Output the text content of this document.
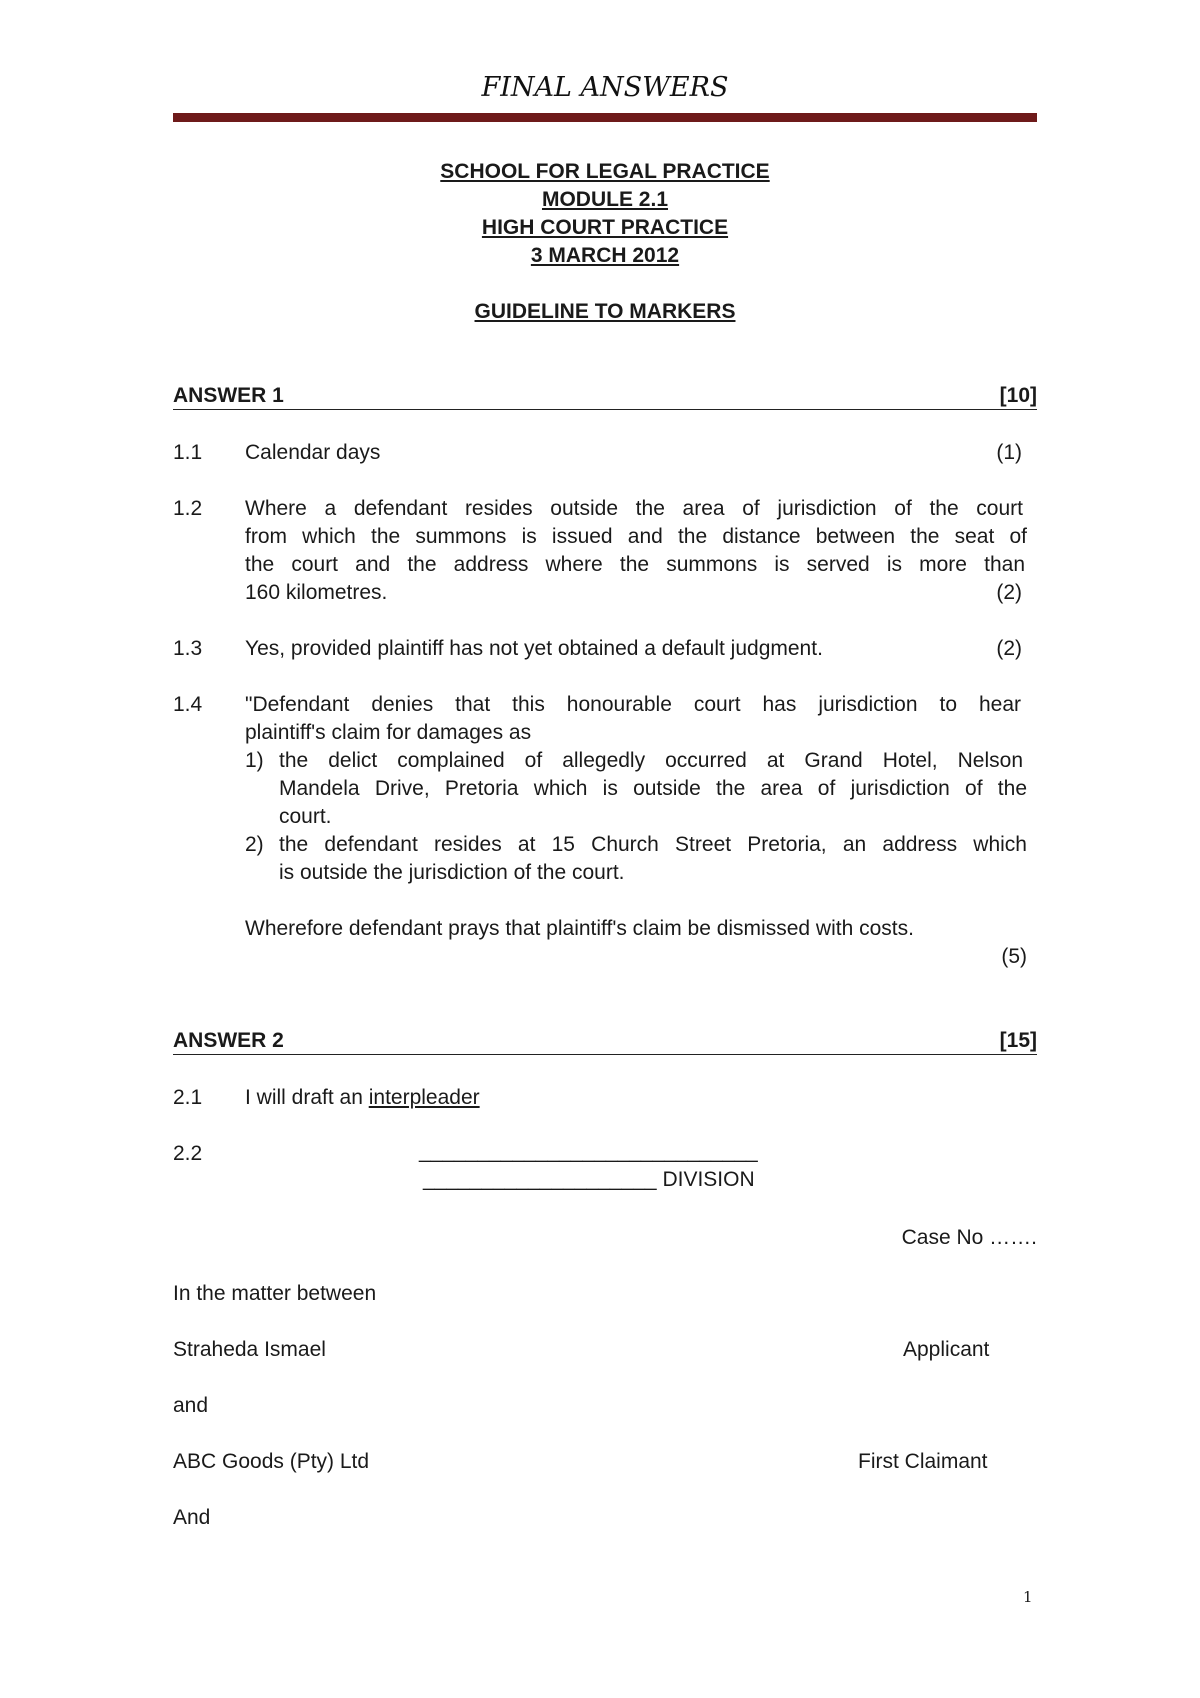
FINAL ANSWERS
SCHOOL FOR LEGAL PRACTICE
MODULE 2.1
HIGH COURT PRACTICE
3 MARCH 2012
GUIDELINE TO MARKERS
ANSWER 1	[10]
1.1 Calendar days	(1)
1.2 Where a defendant resides outside the area of jurisdiction of the court
from which the summons is issued and the distance between the seat of
the court and the address where the summons is served is more than
160 kilometres.	(2)
1.3 Yes, provided plaintiff has not yet obtained a default judgment.	(2)
1.4 "Defendant denies that this honourable court has jurisdiction to hear
plaintiff's claim for damages as
1) the delict complained of allegedly occurred at Grand Hotel, Nelson
Mandela Drive, Pretoria which is outside the area of jurisdiction of the
court.
2) the defendant resides at 15 Church Street Pretoria, an address which
is outside the jurisdiction of the court.
Wherefore defendant prays that plaintiff's claim be dismissed with costs.
(5)
ANSWER 2	[15]
2.1 I will draft an interpleader
2.2	_____________________________
____________________ DIVISION
Case No …….
In the matter between
Straheda Ismael	Applicant
and
ABC Goods (Pty) Ltd	First Claimant
And
1
